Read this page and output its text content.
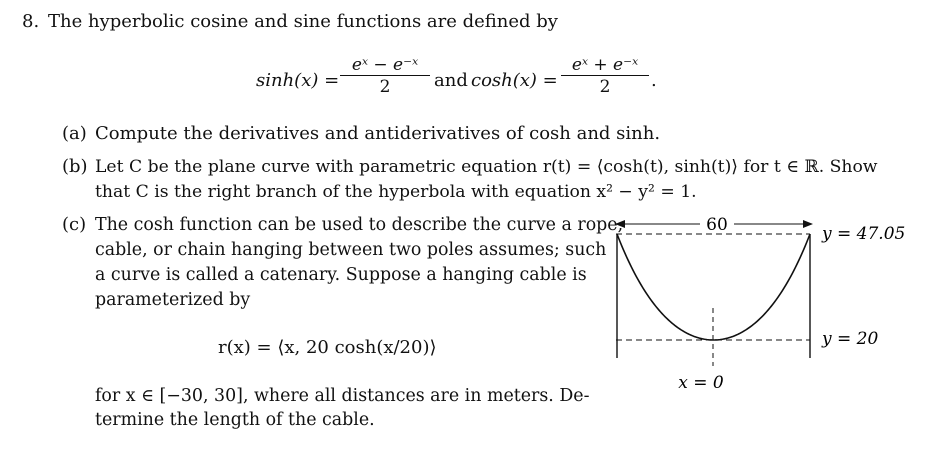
8. The hyperbolic cosine and sine functions are defined by
$\sinh(x) = \frac{\text{eˣ − e⁻ˣ}}{2}$ and $\cosh(x) = \frac{\text{eˣ + e⁻ˣ}}{2}$ .
(a) Compute the derivatives and antiderivatives of cosh and sinh.
(b) Let C be the plane curve with parametric equation r(t) = ⟨cosh(t), sinh(t)⟩ for t ∈ ℝ. Show
that C is the right branch of the hyperbola with equation x² − y² = 1.
(c) The cosh function can be used to describe the curve a rope,
cable, or chain hanging between two poles assumes; such
a curve is called a catenary. Suppose a hanging cable is
parameterized by
r(x) = ⟨x, 20 cosh(x/20)⟩
for x ∈ [−30, 30], where all distances are in meters. De-
termine the length of the cable.
60	y = 47.05
y = 20
x = 0
